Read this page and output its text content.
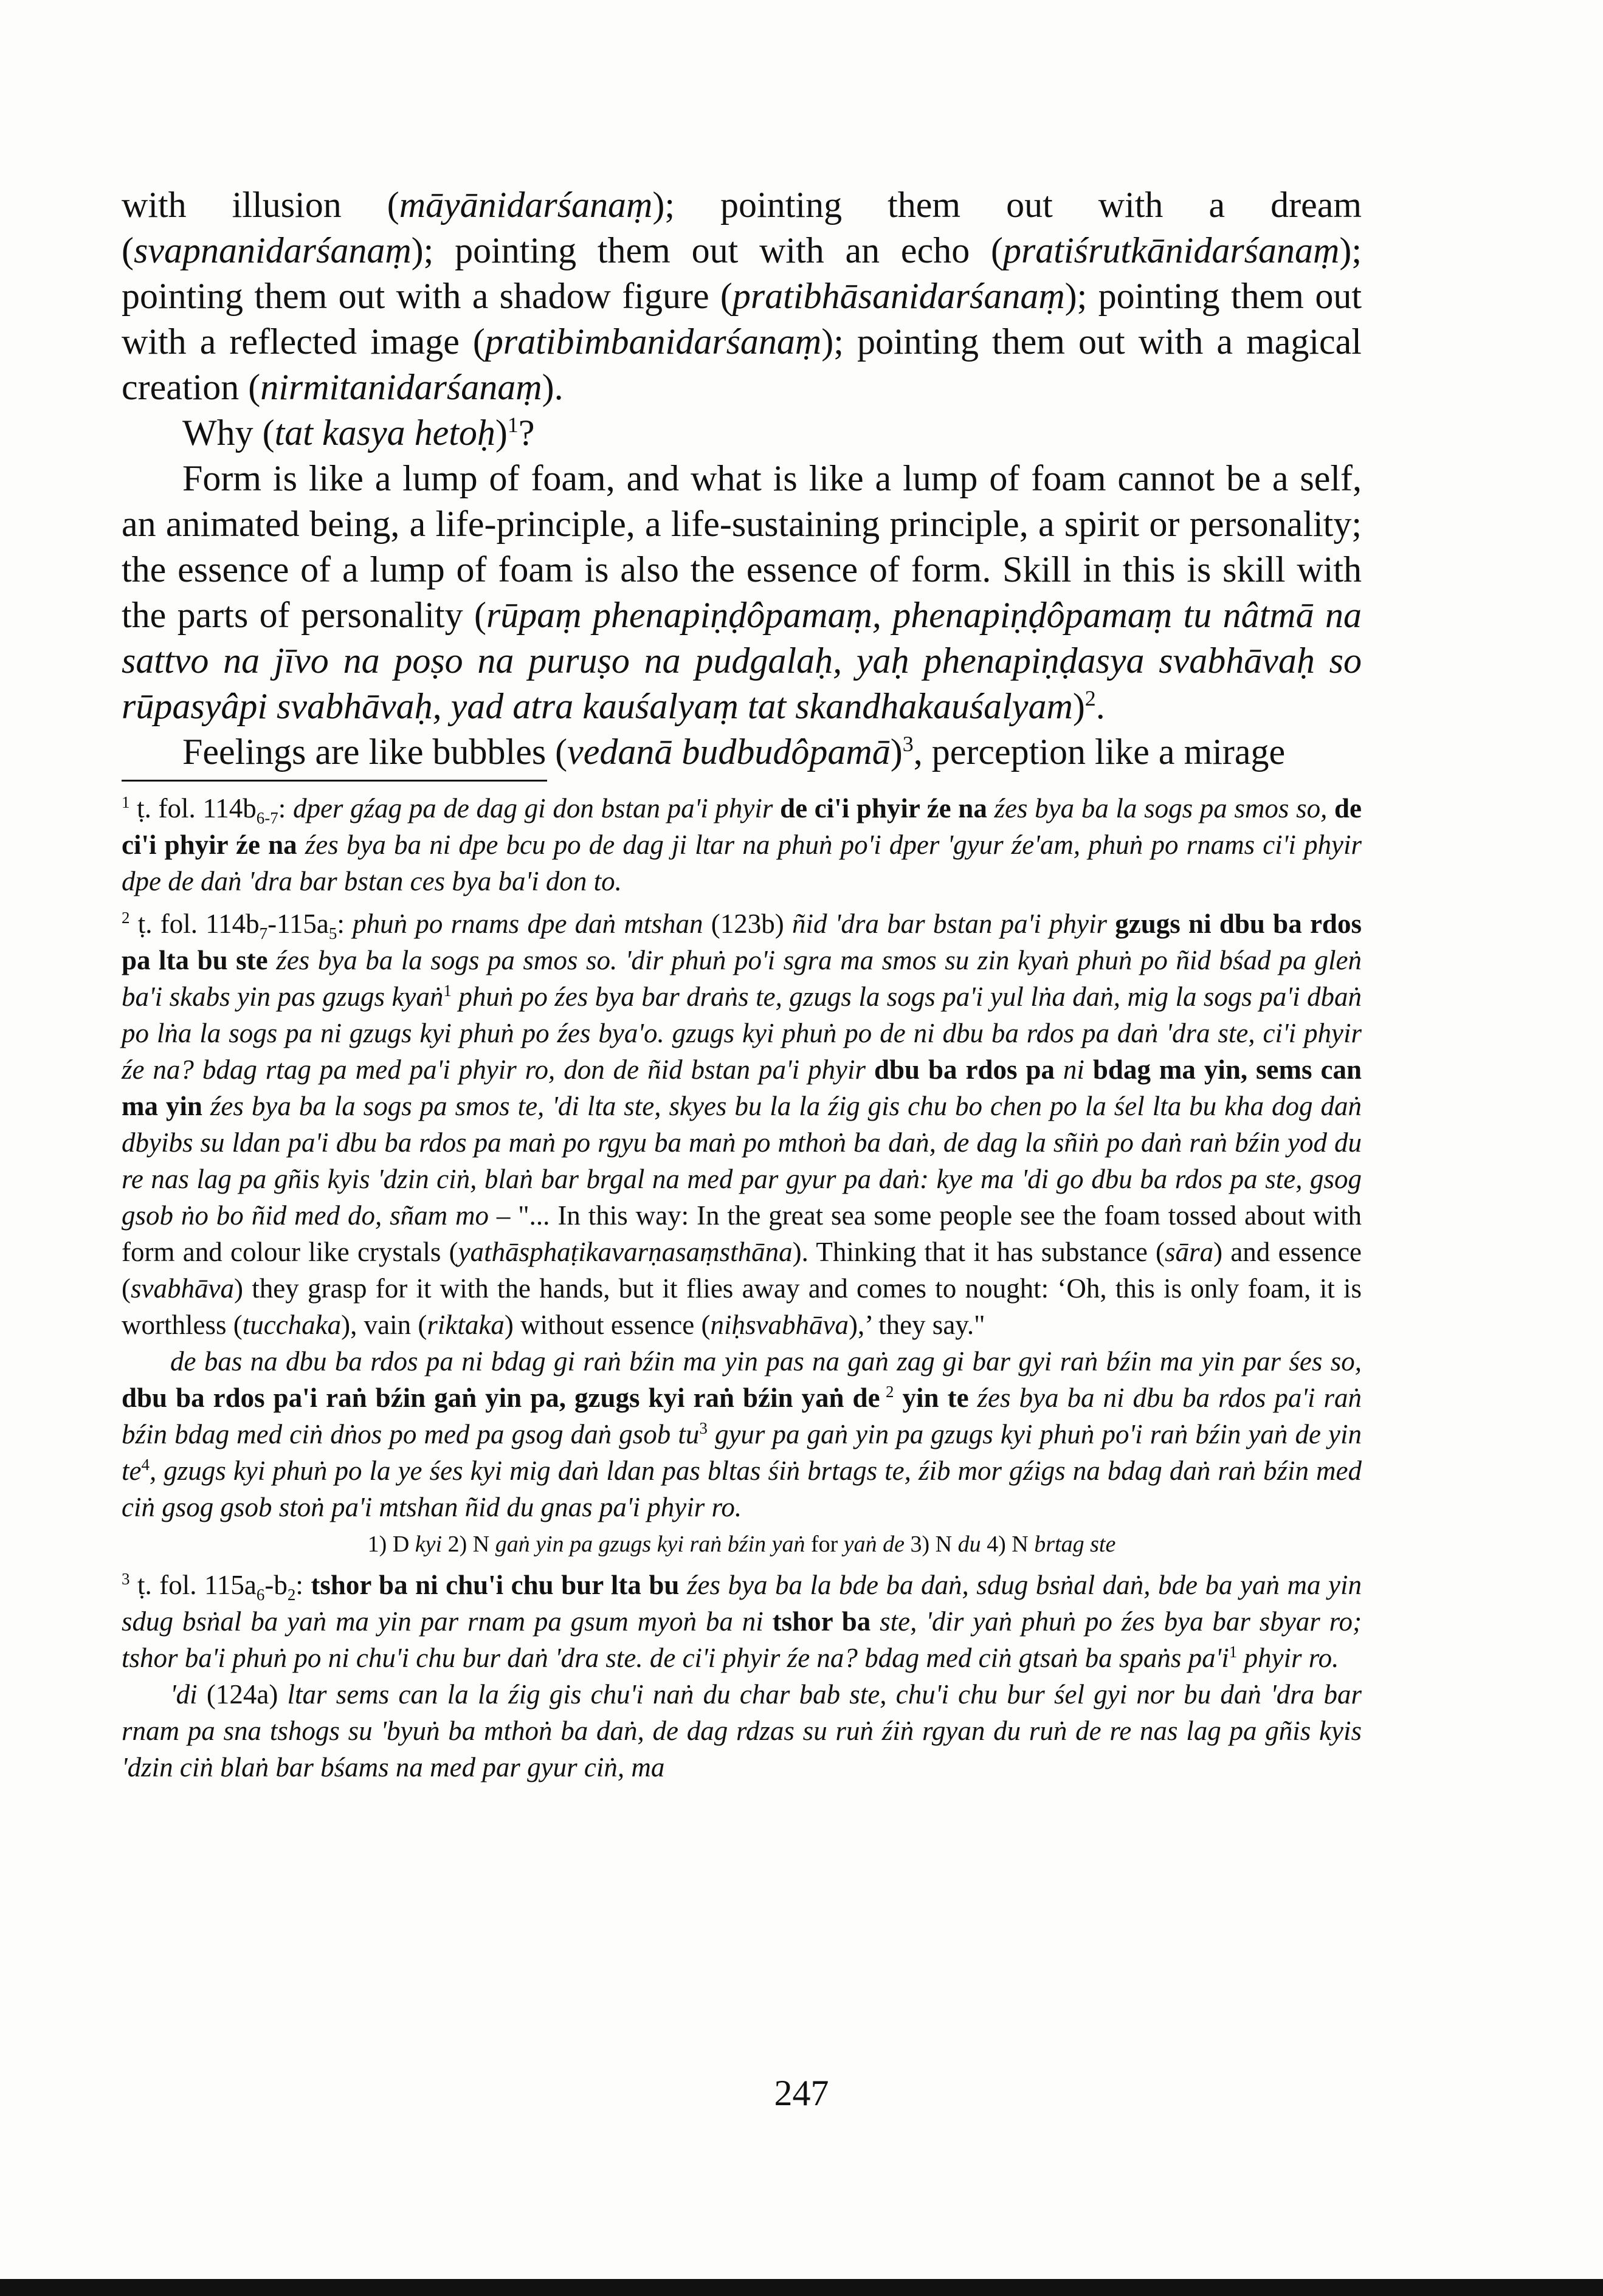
with illusion (māyānidarśanaṃ); pointing them out with a dream (svapnanidarśanaṃ); pointing them out with an echo (pratiśrutkānidarśanaṃ); pointing them out with a shadow figure (pratibhāsanidarśanaṃ); pointing them out with a reflected image (pratibimbanidarśanaṃ); pointing them out with a magical creation (nirmitanidarśanaṃ).

Why (tat kasya hetoḥ)$^1$?

Form is like a lump of foam, and what is like a lump of foam cannot be a self, an animated being, a life-principle, a life-sustaining principle, a spirit or personality; the essence of a lump of foam is also the essence of form. Skill in this is skill with the parts of personality (rūpaṃ phenapiṇḍôpamaṃ, phenapiṇḍôpamaṃ tu nâtmā na sattvo na jīvo na poṣo na puruṣo na pudgalaḥ, yaḥ phenapiṇḍasya svabhāvaḥ so rūpasyâpi svabhāvaḥ, yad atra kauśalyaṃ tat skandhakauśalyam)$^2$.

Feelings are like bubbles (vedanā budbudôpamā)$^3$, perception like a mirage

$^1$ ṭ. fol. $114b_{6-7}$: dper gźag pa de dag gi don bstan pa'i phyir de ci'i phyir źe na źes bya ba la sogs pa smos so, de ci'i phyir źe na źes bya ba ni dpe bcu po de dag ji ltar na phuṅ po'i dper 'gyur źe'am, phuṅ po rnams ci'i phyir dpe de daṅ 'dra bar bstan ces bya ba'i don to.

$^2$ ṭ. fol. $114b_7-115a_5$: phuṅ po rnams dpe daṅ mtshan (123b) ñid 'dra bar bstan pa'i phyir gzugs ni dbu ba rdos pa lta bu ste źes bya ba la sogs pa smos so. 'dir phuṅ po'i sgra ma smos su zin kyaṅ phuṅ po ñid bśad pa gleṅ ba'i skabs yin pas gzugs kyaṅ$^1$ phuṅ po źes bya bar draṅs te, gzugs la sogs pa'i yul lṅa daṅ, mig la sogs pa'i dbaṅ po lṅa la sogs pa ni gzugs kyi phuṅ po źes bya'o. gzugs kyi phuṅ po de ni dbu ba rdos pa daṅ 'dra ste, ci'i phyir źe na? bdag rtag pa med pa'i phyir ro, don de ñid bstan pa'i phyir dbu ba rdos pa ni bdag ma yin, sems can ma yin źes bya ba la sogs pa smos te, 'di lta ste, skyes bu la la źig gis chu bo chen po la śel lta bu kha dog daṅ dbyibs su ldan pa'i dbu ba rdos pa maṅ po rgyu ba maṅ po mthoṅ ba daṅ, de dag la sñiṅ po daṅ raṅ bźin yod du re nas lag pa gñis kyis 'dzin ciṅ, blaṅ bar brgal na med par gyur pa daṅ: kye ma 'di go dbu ba rdos pa ste, gsog gsob ṅo bo ñid med do, sñam mo – "... In this way: In the great sea some people see the foam tossed about with form and colour like crystals (yathāsphaṭikavarṇasaṃsthāna). Thinking that it has substance (sāra) and essence (svabhāva) they grasp for it with the hands, but it flies away and comes to nought: ‘Oh, this is only foam, it is worthless (tucchaka), vain (riktaka) without essence (niḥsvabhāva),’ they say."

de bas na dbu ba rdos pa ni bdag gi raṅ bźin ma yin pas na gaṅ zag gi bar gyi raṅ bźin ma yin par śes so, dbu ba rdos pa'i raṅ bźin gaṅ yin pa, gzugs kyi raṅ bźin yaṅ de $^2$ yin te źes bya ba ni dbu ba rdos pa'i raṅ bźin bdag med ciṅ dṅos po med pa gsog daṅ gsob $tu^3$ gyur pa gaṅ yin pa gzugs kyi phuṅ po'i raṅ bźin yaṅ de yin $te^4$, gzugs kyi phuṅ po la ye śes kyi mig daṅ ldan pas bltas śiṅ brtags te, źib mor gźigs na bdag daṅ raṅ bźin med ciṅ gsog gsob stoṅ pa'i mtshan ñid du gnas pa'i phyir ro.

1) D kyi 2) N gaṅ yin pa gzugs kyi raṅ bźin yaṅ for yaṅ de 3) N du 4) N brtag ste

$^3$ ṭ. fol. $115a_6-b_2$: tshor ba ni chu'i chu bur lta bu źes bya ba la bde ba daṅ, sdug bsṅal daṅ, bde ba yaṅ ma yin sdug bsṅal ba yaṅ ma yin par rnam pa gsum myoṅ ba ni tshor ba ste, 'dir yaṅ phuṅ po źes bya bar sbyar ro; tshor ba'i phuṅ po ni chu'i chu bur daṅ 'dra ste. de ci'i phyir źe na? bdag med ciṅ gtsaṅ ba spaṅs $pa'i^1$ phyir ro.

'di (124a) ltar sems can la la źig gis chu'i naṅ du char bab ste, chu'i chu bur śel gyi nor bu daṅ 'dra bar rnam pa sna tshogs su 'byuṅ ba mthoṅ ba daṅ, de dag rdzas su ruṅ źiṅ rgyan du ruṅ de re nas lag pa gñis kyis 'dzin ciṅ blaṅ bar bśams na med par gyur ciṅ, ma

247
